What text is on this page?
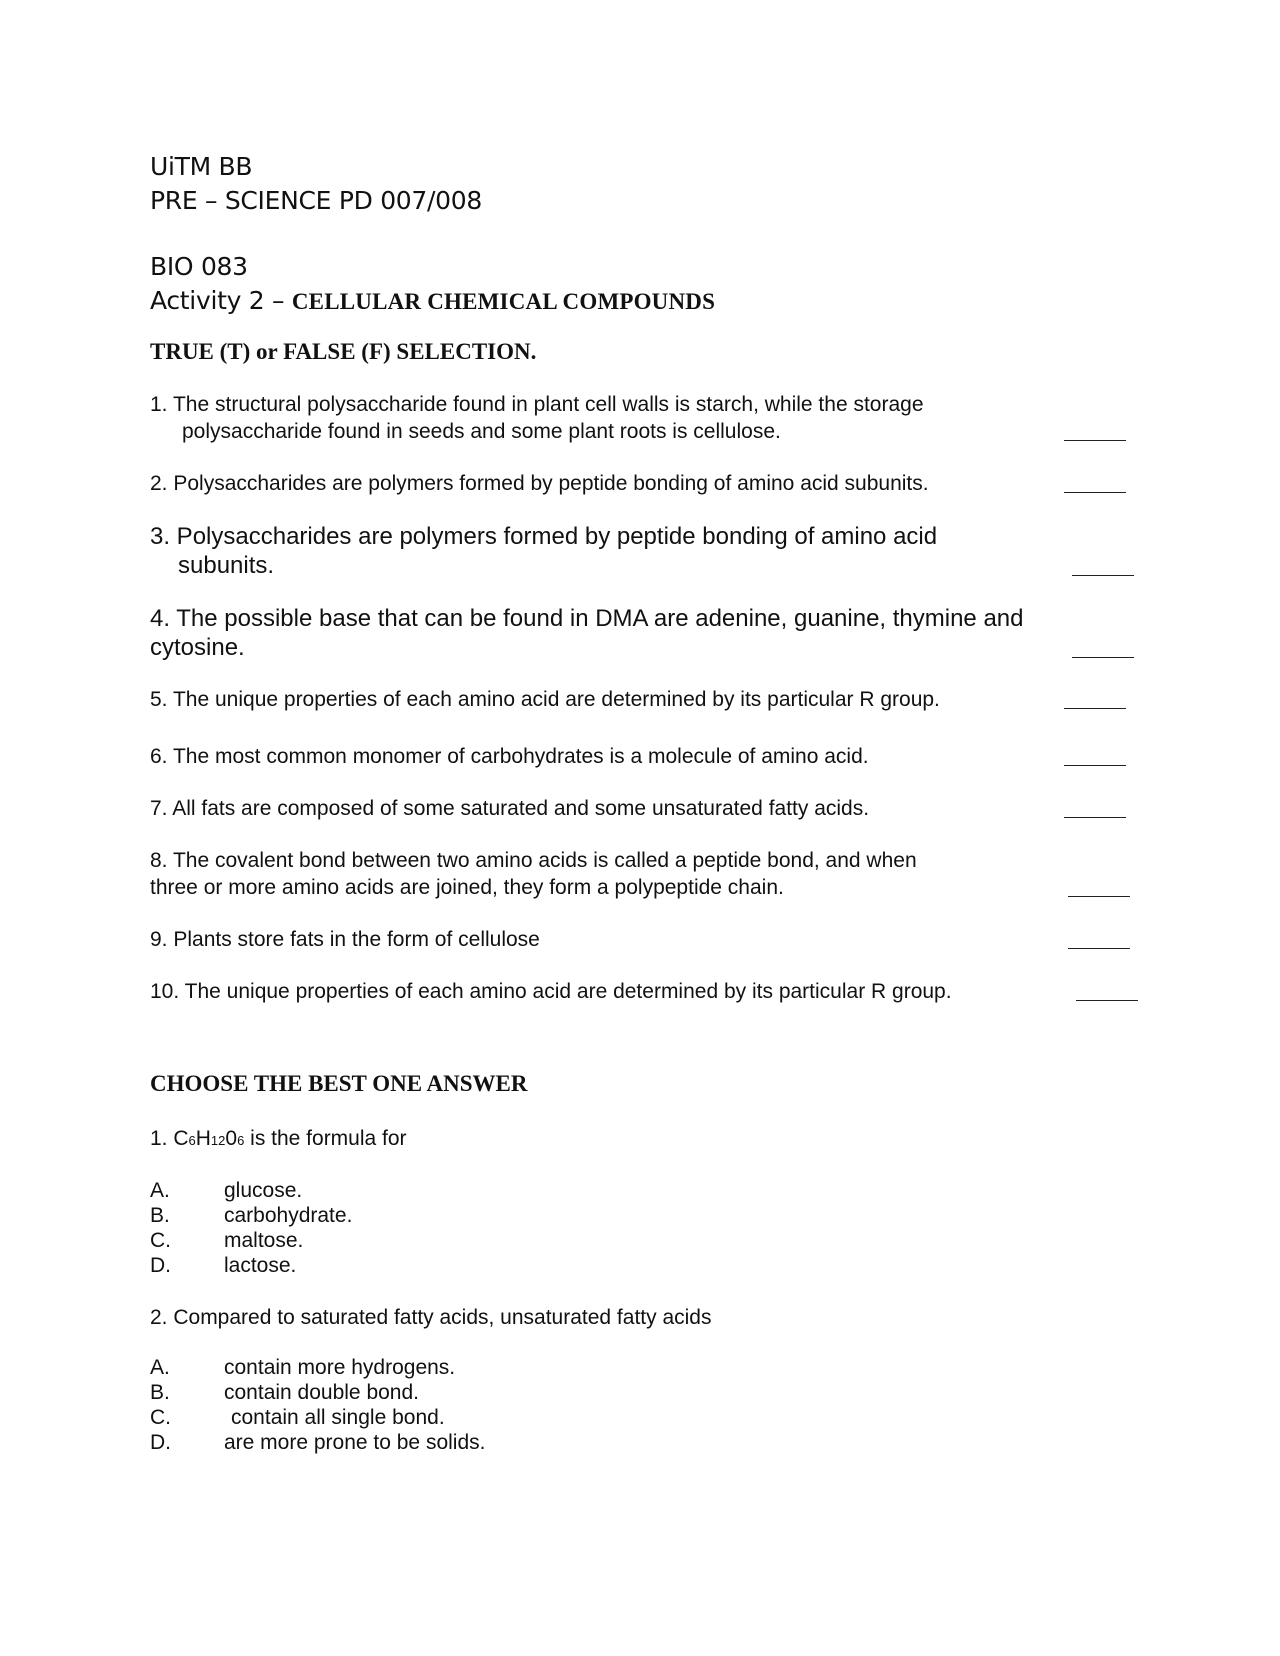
UiTM BB
PRE – SCIENCE PD 007/008
BIO 083
Activity 2 – CELLULAR CHEMICAL COMPOUNDS
TRUE (T) or FALSE (F) SELECTION.
1. The structural polysaccharide found in plant cell walls is starch, while the storage polysaccharide found in seeds and some plant roots is cellulose.
2. Polysaccharides are polymers formed by peptide bonding of amino acid subunits.
3. Polysaccharides are polymers formed by peptide bonding of amino acid subunits.
4. The possible base that can be found in DMA are adenine, guanine, thymine and cytosine.
5. The unique properties of each amino acid are determined by its particular R group.
6. The most common monomer of carbohydrates is a molecule of amino acid.
7. All fats are composed of some saturated and some unsaturated fatty acids.
8. The covalent bond between two amino acids is called a peptide bond, and when three or more amino acids are joined, they form a polypeptide chain.
9. Plants store fats in the form of cellulose
10. The unique properties of each amino acid are determined by its particular R group.
CHOOSE THE BEST ONE ANSWER
1. C6H1206 is the formula for
A.	glucose.
B.	carbohydrate.
C.	maltose.
D.	lactose.
2. Compared to saturated fatty acids, unsaturated fatty acids
A.	contain more hydrogens.
B.	contain double bond.
C.	contain all single bond.
D.	are more prone to be solids.
